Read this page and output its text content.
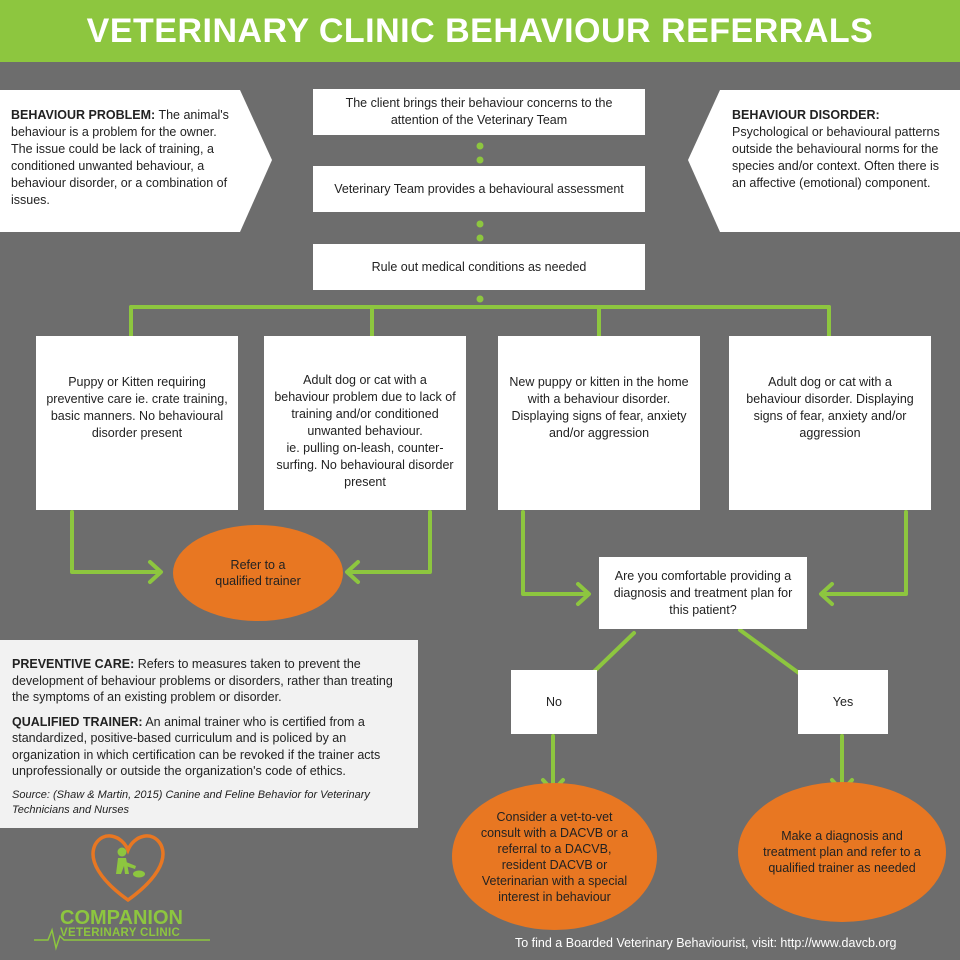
VETERINARY CLINIC BEHAVIOUR REFERRALS
BEHAVIOUR PROBLEM: The animal's behaviour is a problem for the owner. The issue could be lack of training, a conditioned unwanted behaviour, a behaviour disorder, or a combination of issues.
BEHAVIOUR DISORDER:
Psychological or behavioural patterns outside the behavioural norms for the species and/or context. Often there is an affective (emotional) component.
The client brings their behaviour concerns to the attention of the Veterinary Team
Veterinary Team provides a behavioural assessment
Rule out medical conditions as needed
Puppy or Kitten requiring preventive care ie. crate training, basic manners. No behavioural disorder present
Adult dog or cat with a behaviour problem due to lack of training and/or conditioned unwanted behaviour.
ie. pulling on-leash, counter-surfing. No behavioural disorder present
New puppy or kitten in the home with a behaviour disorder. Displaying signs of fear, anxiety and/or aggression
Adult dog or cat with a behaviour disorder. Displaying signs of fear, anxiety and/or aggression
Refer to a qualified trainer	Are you comfortable providing a diagnosis and treatment plan for this patient?
No	Yes
Consider a vet-to-vet consult with a DACVB or a referral to a DACVB, resident DACVB or Veterinarian with a special interest in behaviour
Make a diagnosis and treatment plan and refer to a qualified trainer as needed

PREVENTIVE CARE: Refers to measures taken to prevent the development of behaviour problems or disorders, rather than treating the symptoms of an existing problem or disorder.

QUALIFIED TRAINER: An animal trainer who is certified from a standardized, positive-based curriculum and is policed by an organization in which certification can be revoked if the trainer acts unprofessionally or outside the organization's code of ethics.

Source: (Shaw & Martin, 2015) Canine and Feline Behavior for Veterinary Technicians and Nurses

COMPANION
VETERINARY CLINIC
To find a Boarded Veterinary Behaviourist, visit: http://www.davcb.org
